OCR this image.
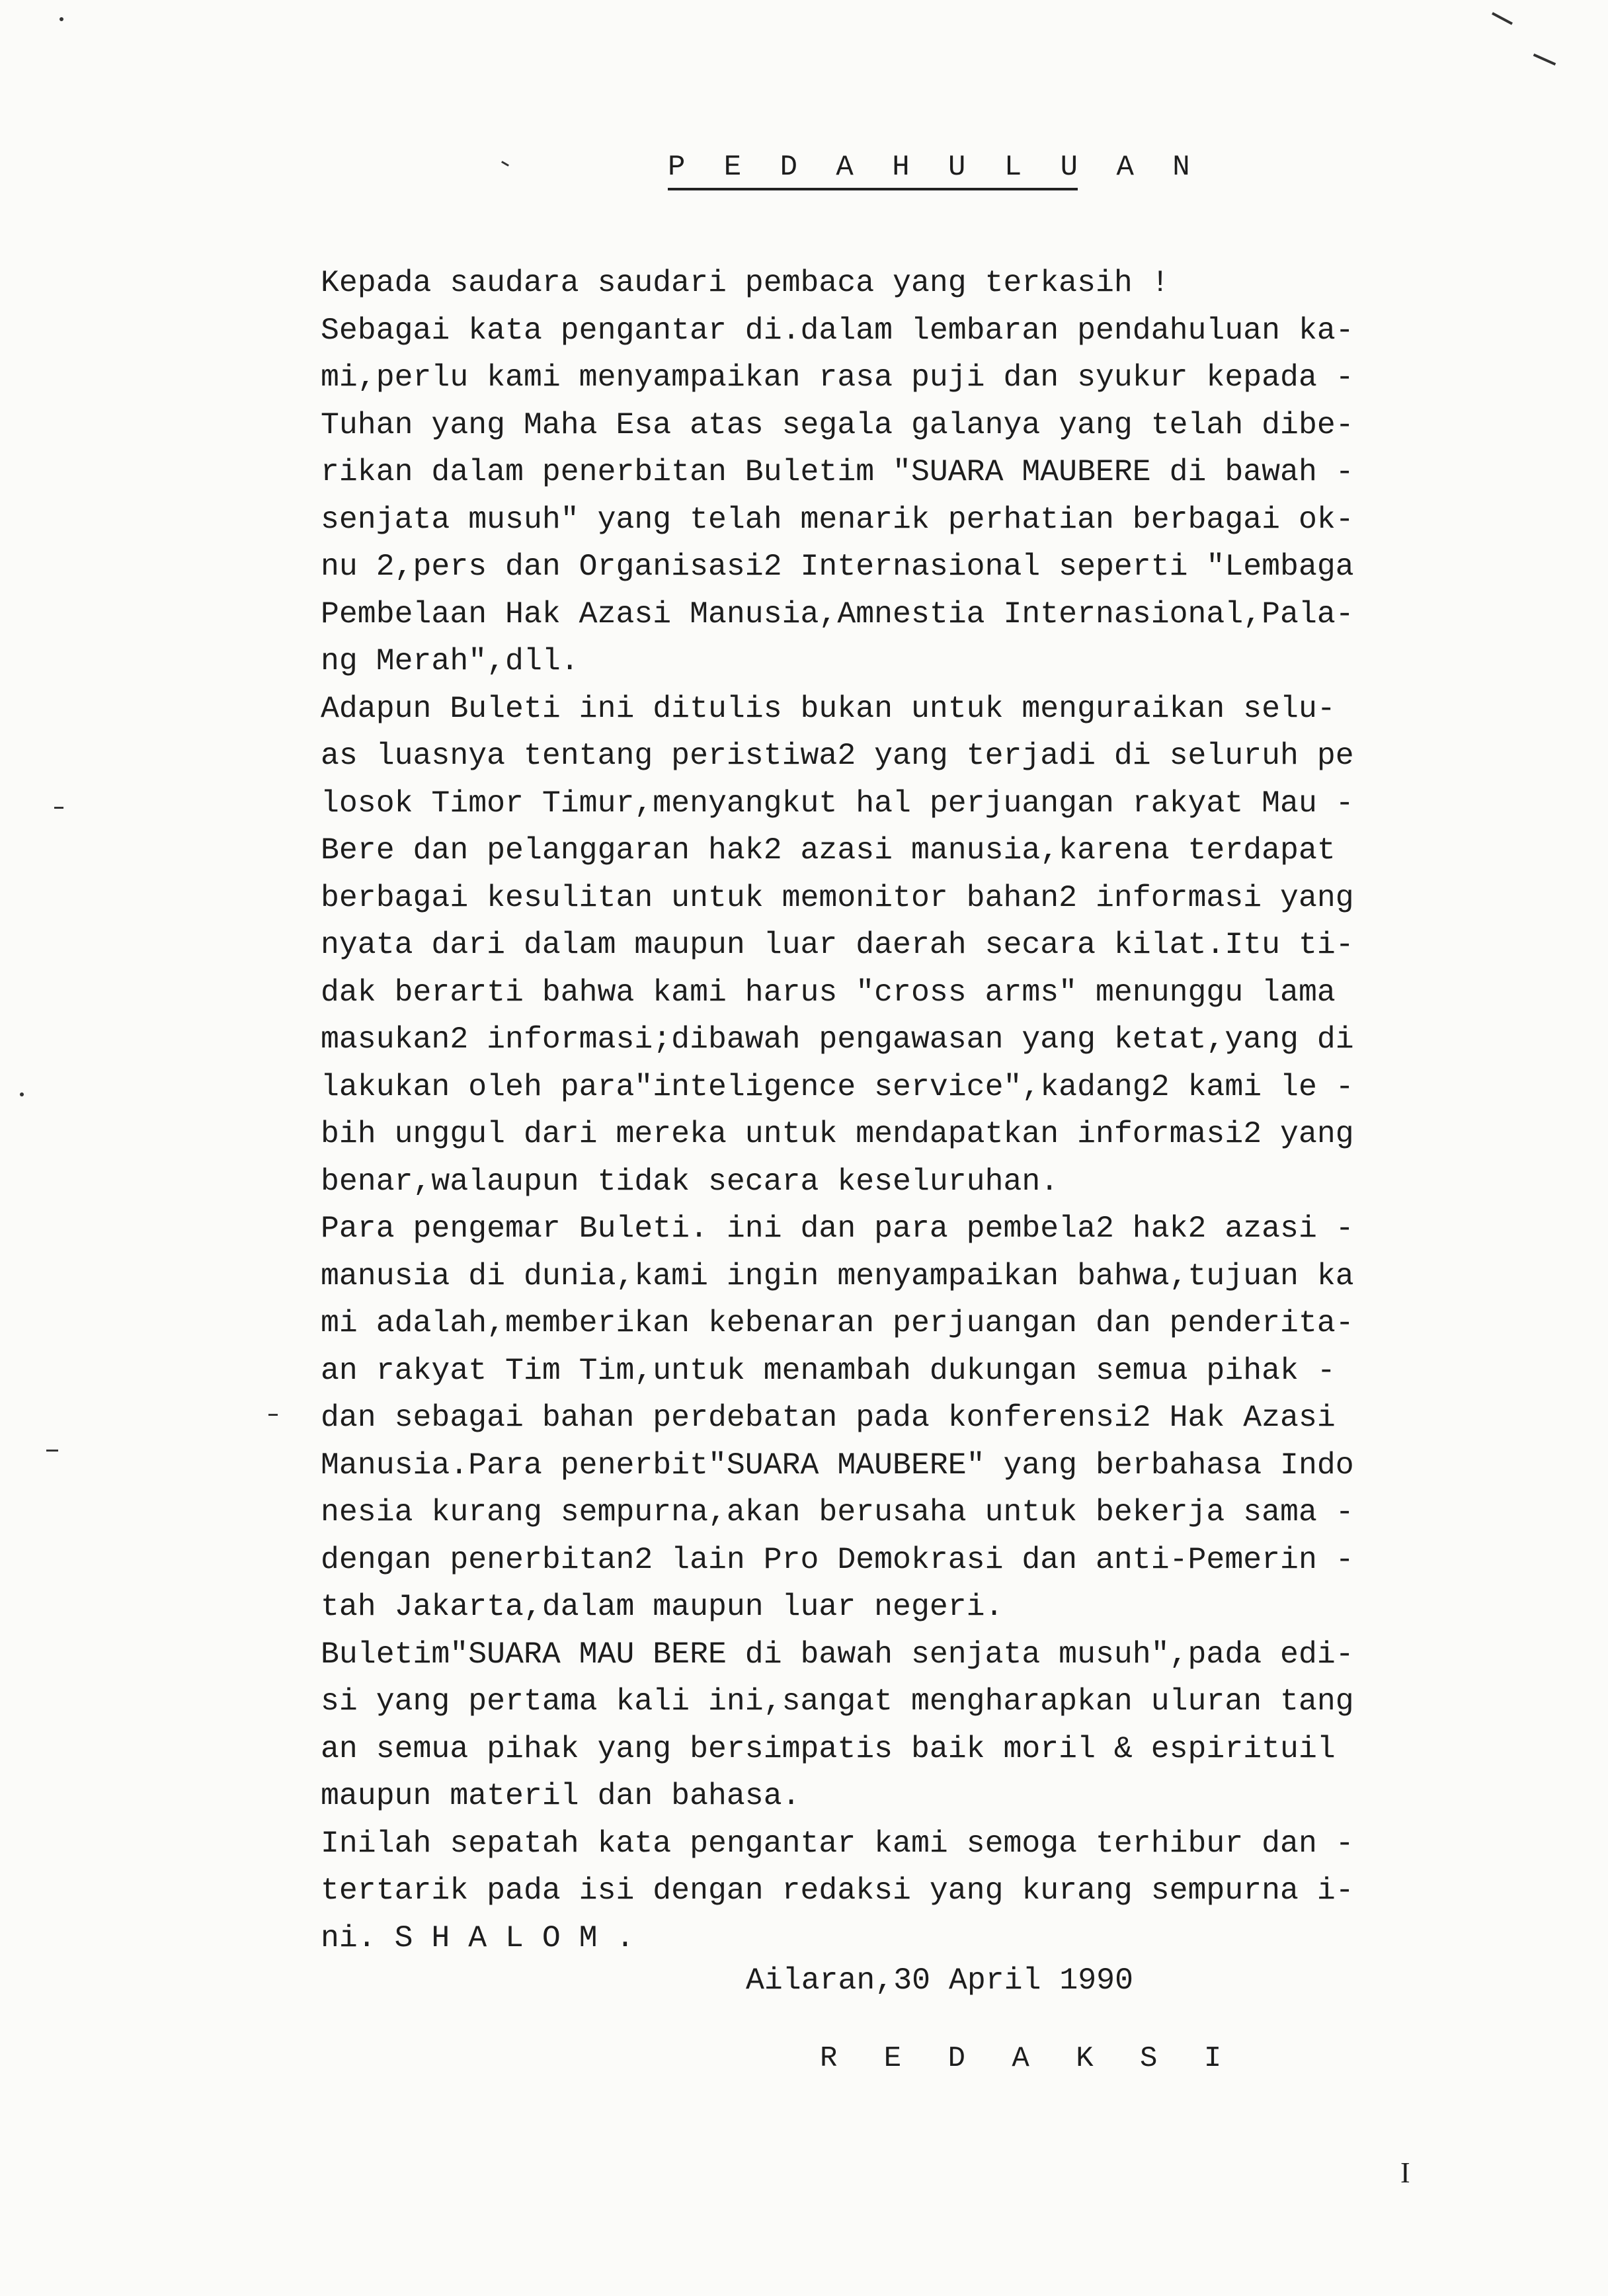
P E D A H U L U A N
Kepada saudara saudari pembaca yang terkasih !
Sebagai kata pengantar di.dalam lembaran pendahuluan ka-
mi,perlu kami menyampaikan rasa puji dan syukur kepada -
Tuhan yang Maha Esa atas segala galanya yang telah dibe-
rikan dalam penerbitan Buletim "SUARA MAUBERE di bawah -
senjata musuh" yang telah menarik perhatian berbagai ok-
nu 2,pers dan Organisasi2 Internasional seperti "Lembaga
Pembelaan Hak Azasi Manusia,Amnestia Internasional,Pala-
ng Merah",dll.
Adapun Buleti ini ditulis bukan untuk menguraikan selu-
as luasnya tentang peristiwa2 yang terjadi di seluruh pe
losok Timor Timur,menyangkut hal perjuangan rakyat Mau -
Bere dan pelanggaran hak2 azasi manusia,karena terdapat
berbagai kesulitan untuk memonitor bahan2 informasi yang
nyata dari dalam maupun luar daerah secara kilat.Itu ti-
dak berarti bahwa kami harus "cross arms" menunggu lama
masukan2 informasi;dibawah pengawasan yang ketat,yang di
lakukan oleh para"inteligence service",kadang2 kami le -
bih unggul dari mereka untuk mendapatkan informasi2 yang
benar,walaupun tidak secara keseluruhan.
Para pengemar Buleti. ini dan para pembela2 hak2 azasi -
manusia di dunia,kami ingin menyampaikan bahwa,tujuan ka
mi adalah,memberikan kebenaran perjuangan dan penderita-
an rakyat Tim Tim,untuk menambah dukungan semua pihak -
dan sebagai bahan perdebatan pada konferensi2 Hak Azasi
Manusia.Para penerbit"SUARA MAUBERE" yang berbahasa Indo
nesia kurang sempurna,akan berusaha untuk bekerja sama -
dengan penerbitan2 lain Pro Demokrasi dan anti-Pemerin -
tah Jakarta,dalam maupun luar negeri.
Buletim"SUARA MAU BERE di bawah senjata musuh",pada edi-
si yang pertama kali ini,sangat mengharapkan uluran tang
an semua pihak yang bersimpatis baik moril & espirituil
maupun materil dan bahasa.
Inilah sepatah kata pengantar kami semoga terhibur dan -
tertarik pada isi dengan redaksi yang kurang sempurna i-
ni. S H A L O M .
Ailaran,30 April 1990
R E D A K S I
I
